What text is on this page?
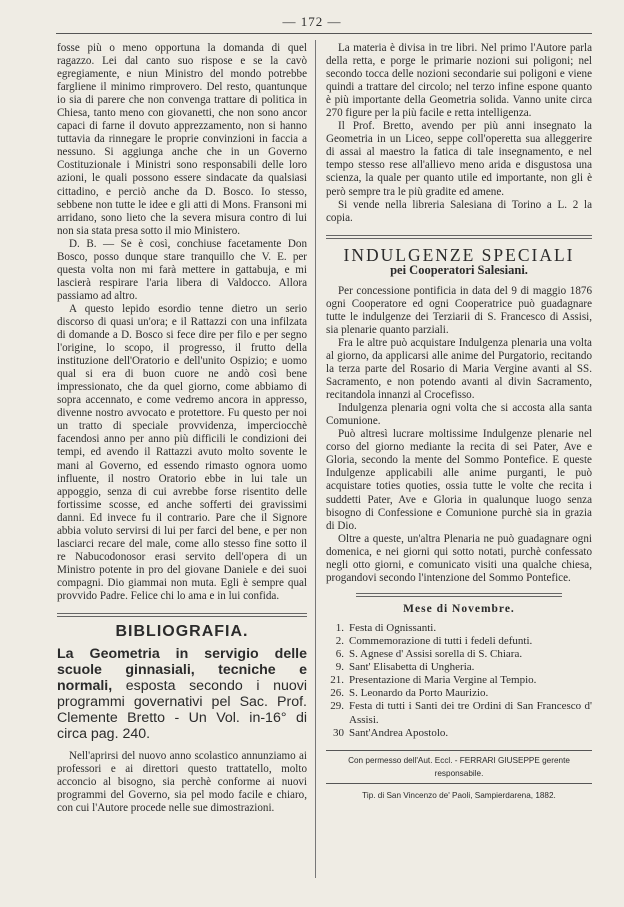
— 172 —

fosse più o meno opportuna la domanda di quel ragazzo. Lei dal canto suo rispose e se la cavò egregiamente, e niun Ministro del mondo potrebbe fargliene il minimo rimprovero. Del resto, quantunque io sia di parere che non convenga trattare di politica in Chiesa, tanto meno con giovanetti, che non sono ancor capaci di farne il dovuto apprezzamento, non si hanno tuttavia da rinnegare le proprie convinzioni in faccia a nessuno. Si aggiunga anche che in un Governo Costituzionale i Ministri sono responsabili delle loro azioni, le quali possono essere sindacate da qualsiasi cittadino, e perciò anche da D. Bosco. Io stesso, sebbene non tutte le idee e gli atti di Mons. Fransoni mi arridano, sono lieto che la severa misura contro di lui non sia stata presa sotto il mio Ministero.

D. B. — Se è così, conchiuse facetamente Don Bosco, posso dunque stare tranquillo che V. E. per questa volta non mi farà mettere in gattabuja, e mi lascierà respirare l'aria libera di Valdocco. Allora passiamo ad altro.

A questo lepido esordio tenne dietro un serio discorso di quasi un'ora; e il Rattazzi con una infilzata di domande a D. Bosco si fece dire per filo e per segno l'origine, lo scopo, il progresso, il frutto della instituzione dell'Oratorio e dell'unito Ospizio; e uomo qual si era di buon cuore ne andò così bene impressionato, che da quel giorno, come abbiamo di sopra accennato, e come vedremo ancora in appresso, divenne nostro avvocato e protettore. Fu questo per noi un tratto di speciale provvidenza, imperciocchè facendosi anno per anno più difficili le condizioni dei tempi, ed avendo il Rattazzi avuto molto sovente le mani al Governo, ed essendo rimasto ognora uomo influente, il nostro Oratorio ebbe in lui tale un appoggio, senza di cui avrebbe forse risentito delle fortissime scosse, ed anche sofferti dei gravissimi danni. Ed invece fu il contrario. Pare che il Signore abbia voluto servirsi di lui per farci del bene, e per non lasciarci recare del male, come allo stesso fine sotto il re Nabucodonosor erasi servito dell'opera di un Ministro potente in pro del giovane Daniele e dei suoi compagni. Dio giammai non muta. Egli è sempre qual provvido Padre. Felice chi lo ama e in lui confida.

BIBLIOGRAFIA.
La Geometria in servigio delle scuole ginnasiali, tecniche e normali, esposta secondo i nuovi programmi governativi pel Sac. Prof. Clemente Bretto - Un Vol. in-16° di circa pag. 240.

Nell'aprirsi del nuovo anno scolastico annunziamo ai professori e ai direttori questo trattatello, molto acconcio al bisogno, sia perchè conforme ai nuovi programmi del Governo, sia pel modo facile e chiaro, con cui l'Autore procede nelle sue dimostrazioni.

La materia è divisa in tre libri. Nel primo l'Autore parla della retta, e porge le primarie nozioni sui poligoni; nel secondo tocca delle nozioni secondarie sui poligoni e viene quindi a trattare del circolo; nel terzo infine espone quanto è più importante della Geometria solida. Vanno unite circa 270 figure per la più facile e retta intelligenza.

Il Prof. Bretto, avendo per più anni insegnato la Geometria in un Liceo, seppe coll'operetta sua alleggerire di assai al maestro la fatica di tale insegnamento, e nel tempo stesso rese all'allievo meno arida e disgustosa una scienza, la quale per quanto utile ed importante, non gli è però sempre tra le più gradite ed amene.

Si vende nella libreria Salesiana di Torino a L. 2 la copia.

INDULGENZE SPECIALI
pei Cooperatori Salesiani.

Per concessione pontificia in data del 9 di maggio 1876 ogni Cooperatore ed ogni Cooperatrice può guadagnare tutte le indulgenze dei Terziarii di S. Francesco di Assisi, sia plenarie quanto parziali.

Fra le altre può acquistare Indulgenza plenaria una volta al giorno, da applicarsi alle anime del Purgatorio, recitando la terza parte del Rosario di Maria Vergine avanti al SS. Sacramento, e non potendo avanti al divin Sacramento, recitandola innanzi al Crocefisso.

Indulgenza plenaria ogni volta che si accosta alla santa Comunione.

Può altresì lucrare moltissime Indulgenze plenarie nel corso del giorno mediante la recita di sei Pater, Ave e Gloria, secondo la mente del Sommo Pontefice. E queste Indulgenze applicabili alle anime purganti, le può acquistare toties quoties, ossia tutte le volte che recita i suddetti Pater, Ave e Gloria in qualunque luogo senza bisogno di Confessione e Comunione purchè sia in grazia di Dio.

Oltre a queste, un'altra Plenaria ne può guadagnare ogni domenica, e nei giorni qui sotto notati, purchè confessato negli otto giorni, e comunicato visiti una qualche chiesa, progandovi secondo l'intenzione del Sommo Pontefice.

Mese di Novembre.
1. Festa di Ognissanti.
2. Commemorazione di tutti i fedeli defunti.
6. S. Agnese d' Assisi sorella di S. Chiara.
9. Sant' Elisabetta di Ungheria.
21. Presentazione di Maria Vergine al Tempio.
26. S. Leonardo da Porto Maurizio.
29. Festa di tutti i Santi dei tre Ordini di San Francesco d' Assisi.
30 Sant'Andrea Apostolo.
Con permesso dell'Aut. Eccl. - FERRARI GIUSEPPE gerente responsabile.
Tip. di San Vincenzo de' Paoli, Sampierdarena, 1882.
